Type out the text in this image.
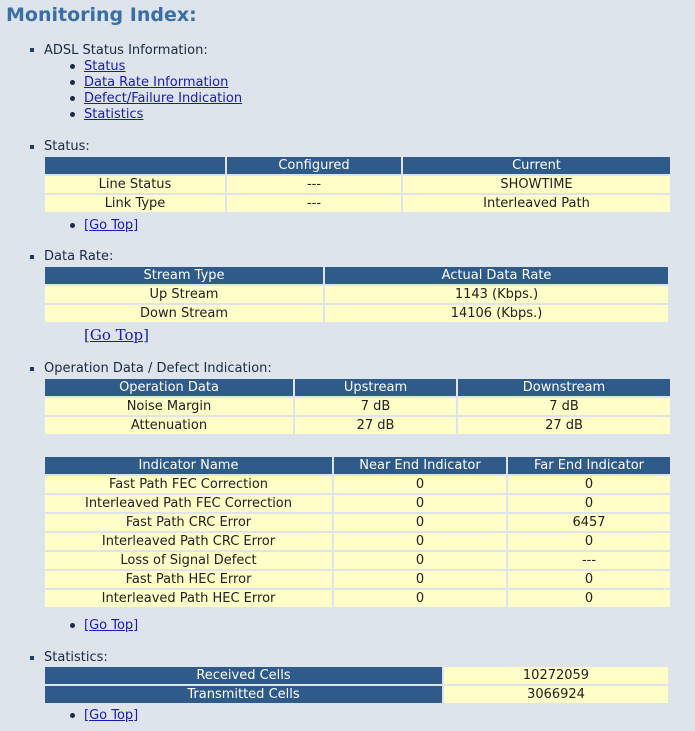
Monitoring Index:
ADSL Status Information:
Status
Data Rate Information
Defect/Failure Indication
Statistics
Status:
	Configured	Current
Line Status	---	SHOWTIME
Link Type	---	Interleaved Path
[Go Top]
Data Rate:
Stream Type	Actual Data Rate
Up Stream	1143 (Kbps.)
Down Stream	14106 (Kbps.)
[Go Top]
Operation Data / Defect Indication:
Operation Data	Upstream	Downstream
Noise Margin	7 dB	7 dB
Attenuation	27 dB	27 dB
Indicator Name	Near End Indicator	Far End Indicator
Fast Path FEC Correction	0	0
Interleaved Path FEC Correction	0	0
Fast Path CRC Error	0	6457
Interleaved Path CRC Error	0	0
Loss of Signal Defect	0	---
Fast Path HEC Error	0	0
Interleaved Path HEC Error	0	0
[Go Top]
Statistics:
Received Cells	10272059
Transmitted Cells	3066924
[Go Top]
